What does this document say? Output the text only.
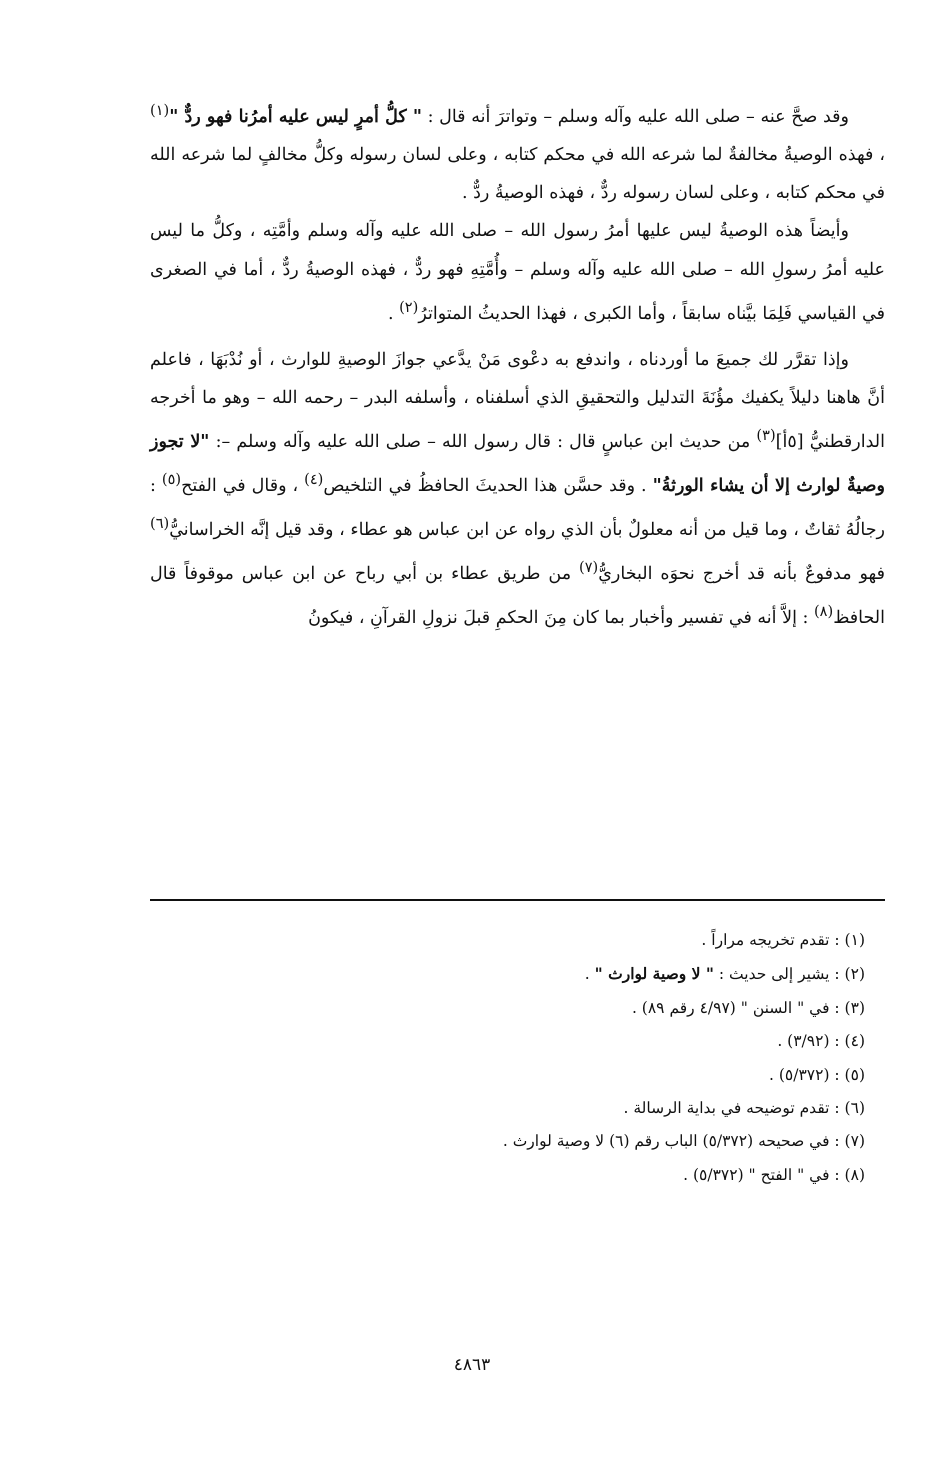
وقد صحَّ عنه – صلى الله عليه وآله وسلم – وتواترَ أنه قال : " كلُّ أمرٍ ليس عليه أمرُنا فهو ردٌّ "$^{(١)}$ ، فهذه الوصيةُ مخالفةٌ لما شرعه الله في محكم كتابه ، وعلى لسان رسوله وكلُّ مخالفٍ لما شرعه الله في محكم كتابه ، وعلى لسان رسوله ردٌّ ، فهذه الوصيةُ ردٌّ .

وأيضاً هذه الوصيةُ ليس عليها أمرُ رسول الله – صلى الله عليه وآله وسلم وأمَّتِه ، وكلُّ ما ليس عليه أمرُ رسولِ الله – صلى الله عليه وآله وسلم – وأُمَّتِهِ فهو ردٌّ ، فهذه الوصيةُ ردٌّ ، أما في الصغرى في القياسي فَلِمَا بيَّناه سابقاً ، وأما الكبرى ، فهذا الحديثُ المتواترُ$^{(٢)}$ .

وإذا تقرَّر لك جميعَ ما أوردناه ، واندفع به دعْوى مَنْ يدَّعي جوازَ الوصيةِ للوارث ، أو نُدْبَهَا ، فاعلم أنَّ هاهنا دليلاً يكفيك مؤُنَةَ التدليل والتحقيقِ الذي أسلفناه ، وأسلفه البدر – رحمه الله – وهو ما أخرجه الدارقطنيُّ [٥أ]$^{(٣)}$ من حديث ابن عباسٍ قال : قال رسول الله – صلى الله عليه وآله وسلم –: "لا تجوز وصيةٌ لوارث إلا أن يشاء الورثةُ" . وقد حسَّن هذا الحديثَ الحافظُ في التلخيص$^{(٤)}$ ، وقال في الفتح$^{(٥)}$ : رجالُهُ ثقاتٌ ، وما قيل من أنه معلولٌ بأن الذي رواه عن ابن عباس هو عطاء ، وقد قيل إنَّه الخراسانيُّ$^{(٦)}$ فهو مدفوعٌ بأنه قد أخرج نحوَه البخاريُّ$^{(٧)}$ من طريق عطاء بن أبي رباح عن ابن عباس موقوفاً قال الحافظ$^{(٨)}$ : إلاَّ أنه في تفسير وأخبار بما كان مِنَ الحكمِ قبلَ نزولِ القرآنِ ، فيكونُ

(١) : تقدم تخريجه مراراً .
(٢) : يشير إلى حديث : " لا وصية لوارث " .
(٣) : في " السنن " (٤/٩٧ رقم ٨٩) .
(٤) : (٣/٩٢) .
(٥) : (٥/٣٧٢) .
(٦) : تقدم توضيحه في بداية الرسالة .
(٧) : في صحيحه (٥/٣٧٢) الباب رقم (٦) لا وصية لوارث .
(٨) : في " الفتح " (٥/٣٧٢) .
٤٨٦٣
